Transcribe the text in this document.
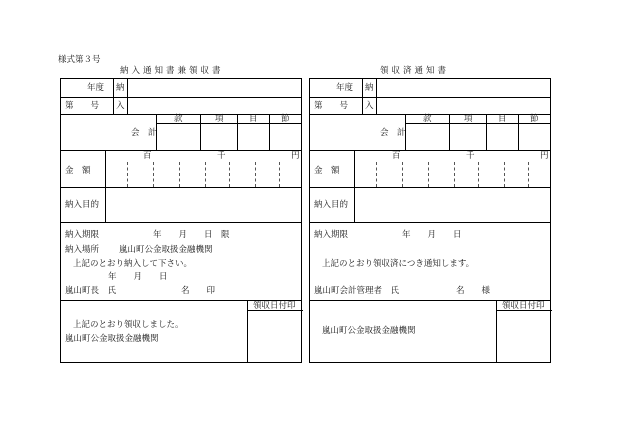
様式第３号
納入通知書兼領収書
年度 納
第　　号 入
款	項	目	節
会　計
百	千	円
金　額
納入目的
納入期限	年　　月　　日　限
納入場所 嵐山町公金取扱金融機関
上記のとおり納入して下さい。
年　　月　　日
嵐山町長　氏	名　　印
領収日付印
上記のとおり領収しました。
嵐山町公金取扱金融機関
領収済通知書
年度 納
第　　号 入
款	項	目	節
会　計
百	千	円
金　額
納入目的
納入期限	年　　月　　日
上記のとおり領収済につき通知します。
嵐山町会計管理者　氏	名　　様
領収日付印
嵐山町公金取扱金融機関
